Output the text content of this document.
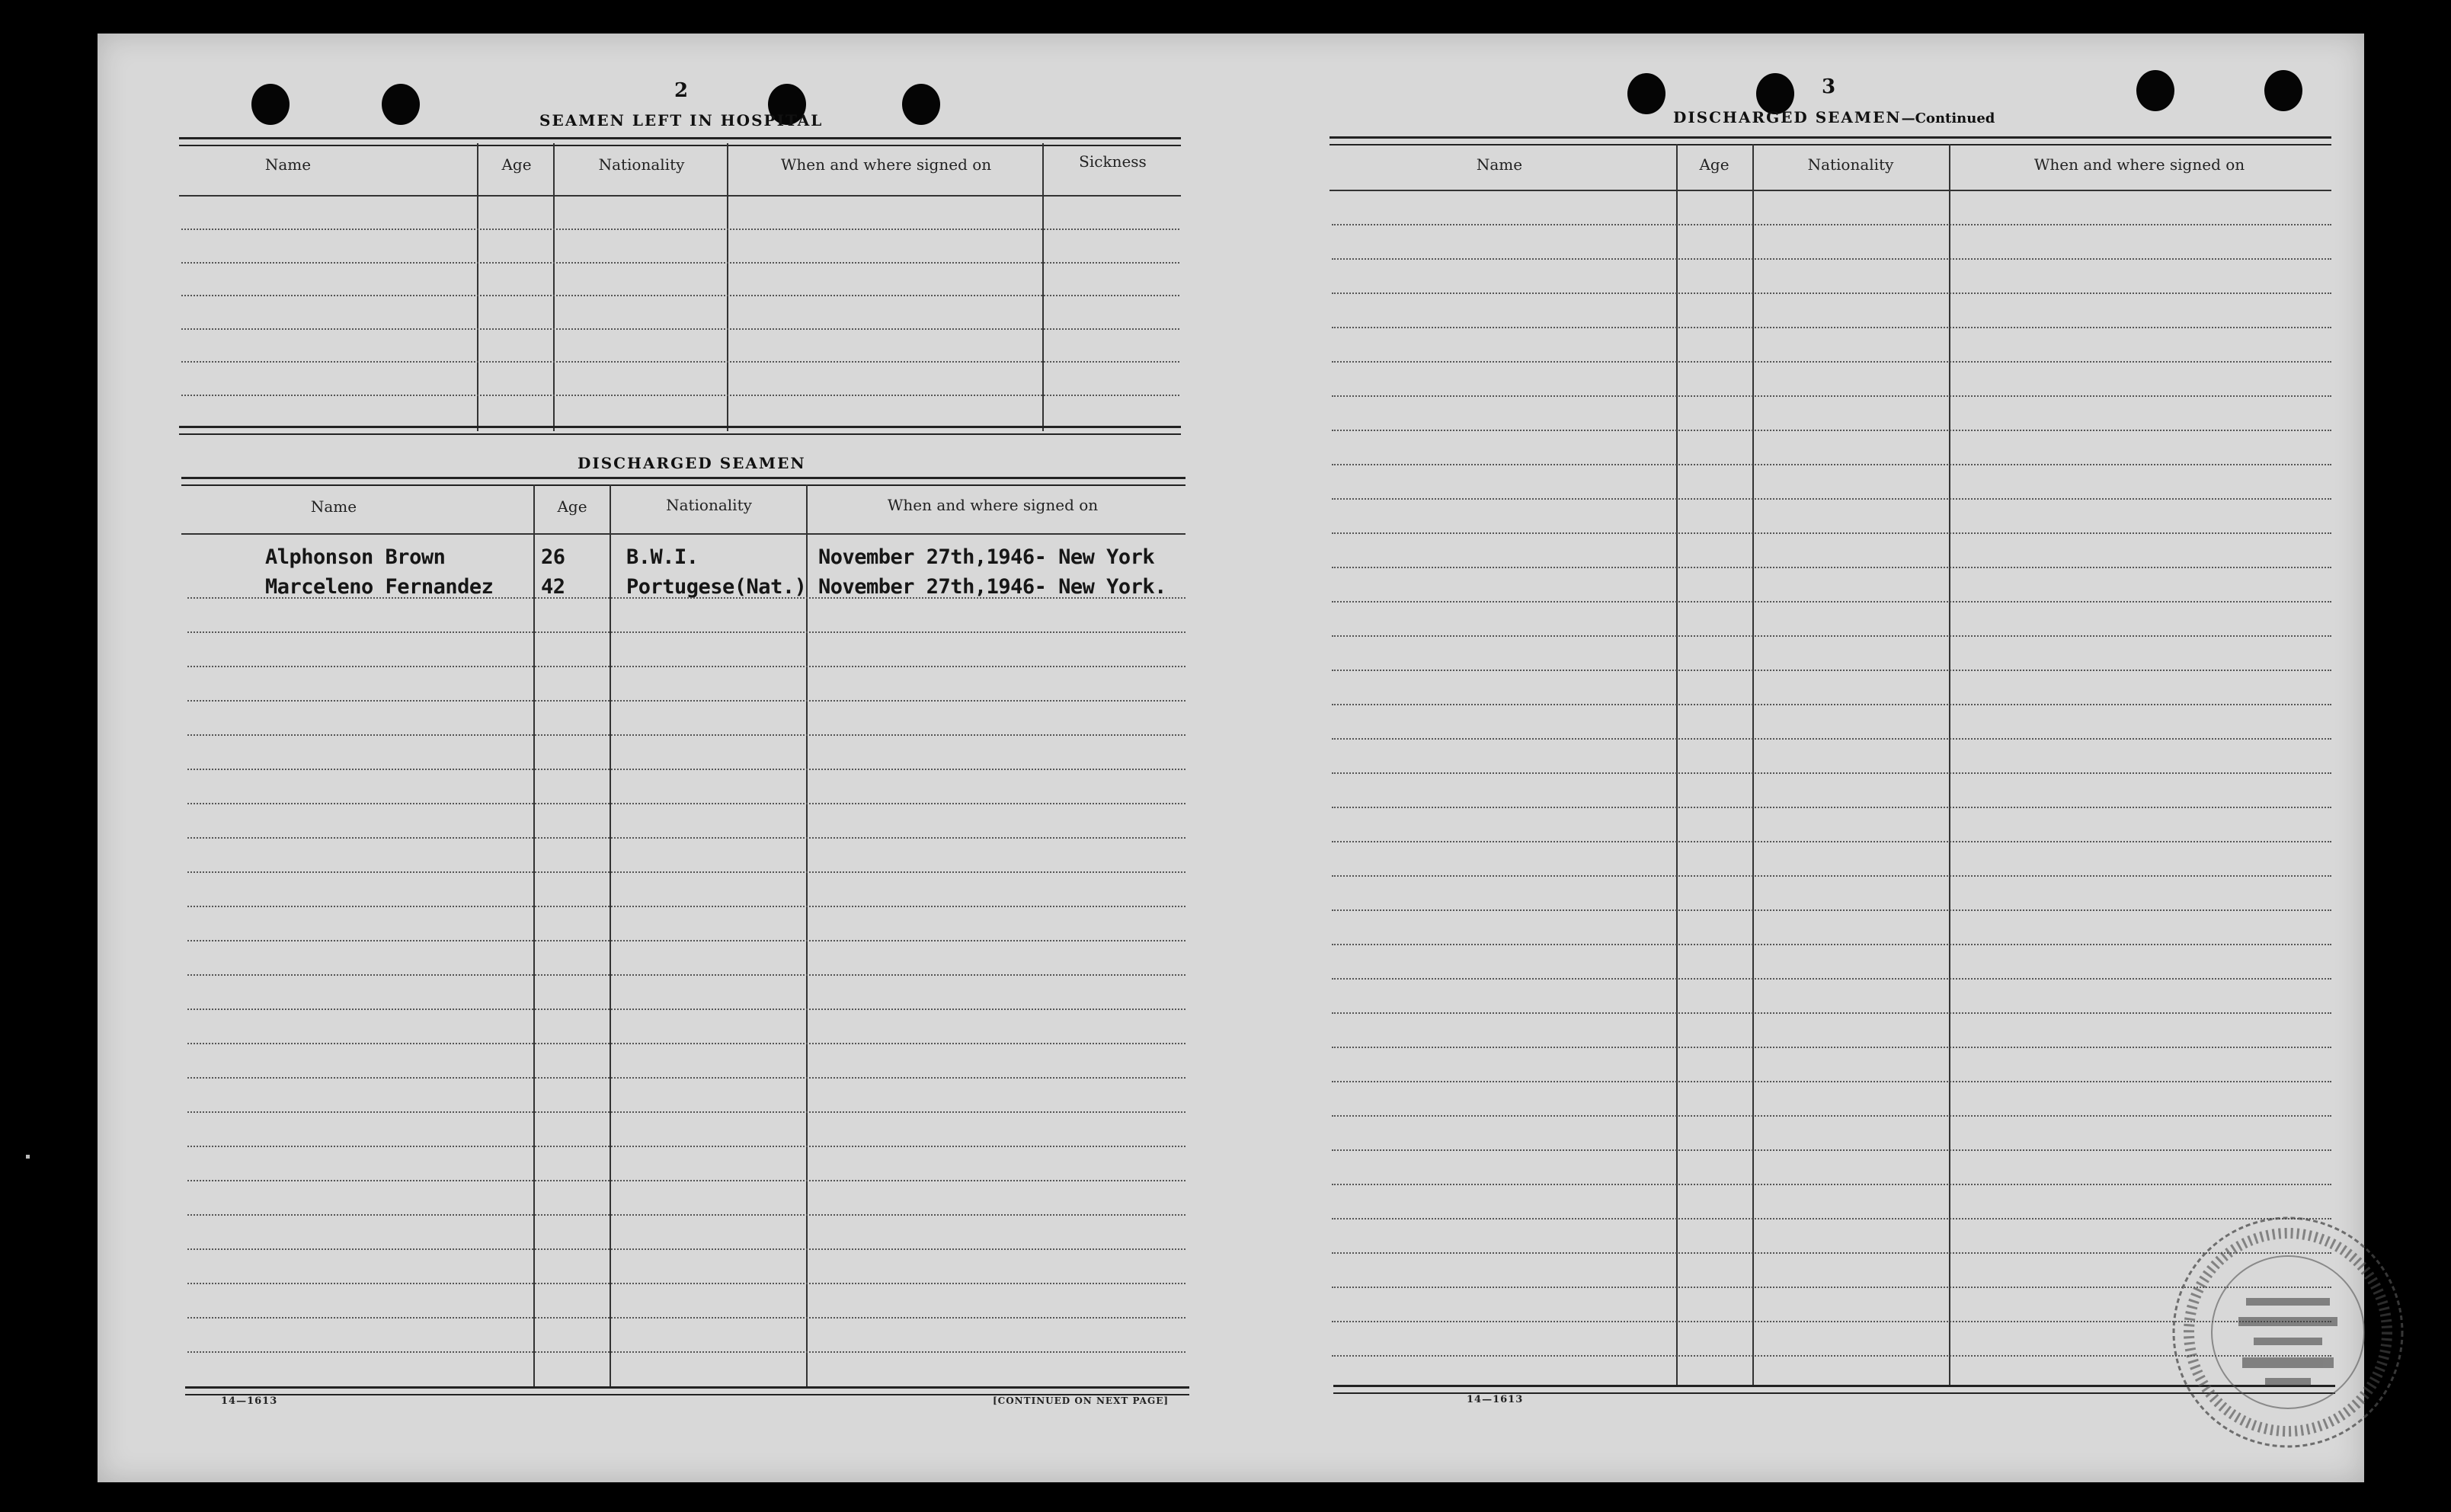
2
SEAMEN LEFT IN HOSPITAL
Name	Age	Nationality	When and where signed on	Sickness
DISCHARGED SEAMEN
Name	Age	Nationality	When and where signed on
Alphonson Brown	26	B.W.I.	November 27th,1946- New York
Marceleno Fernandez 42	Portugese(Nat.) November 27th,1946- New York.
14—1613	[CONTINUED ON NEXT PAGE]
3
DISCHARGED SEAMEN—Continued
Name	Age	Nationality	When and where signed on
14—1613
